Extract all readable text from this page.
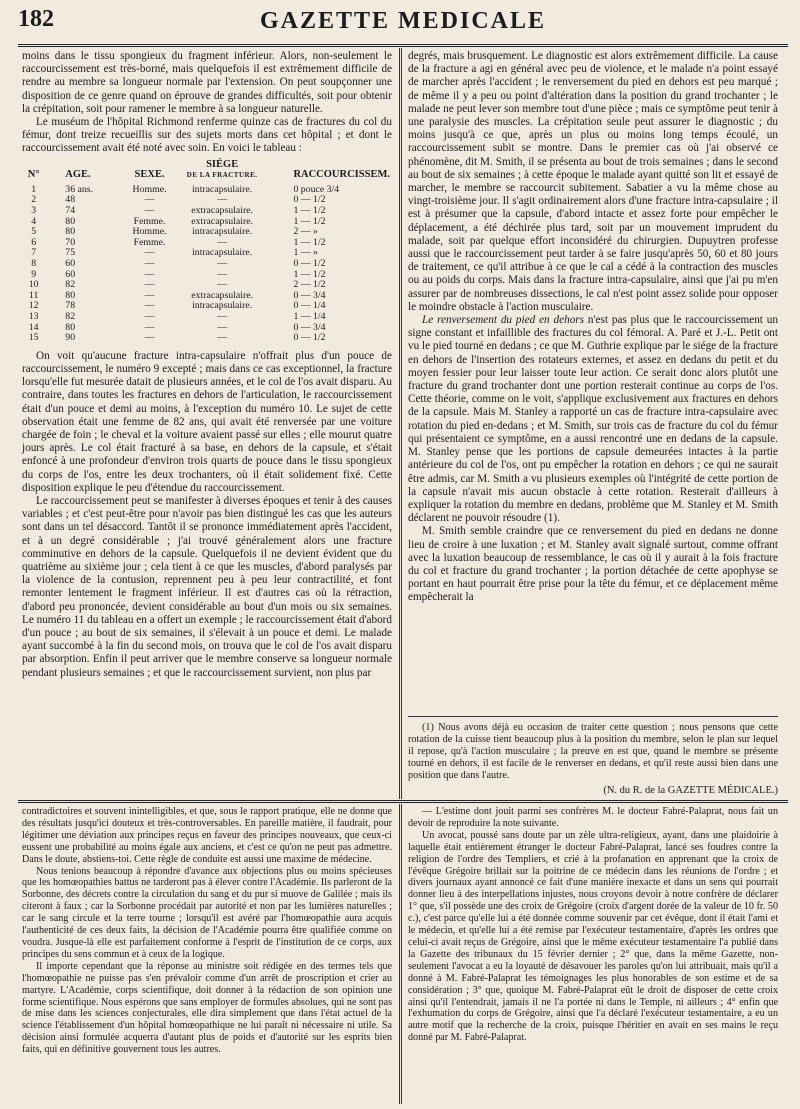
GAZETTE MEDICALE
182

moins dans le tissu spongieux du fragment inférieur. Alors, non-seulement le raccourcissement est très-borné, mais quelquefois il est extrêmement difficile de rendre au membre sa longueur normale par l'extension. On peut soupçonner une disposition de ce genre quand on éprouve de grandes difficultés, soit pour obtenir la crépitation, soit pour ramener le membre à sa longueur naturelle.

Le muséum de l'hôpital Richmond renferme quinze cas de fractures du col du fémur, dont treize recueillis sur des sujets morts dans cet hôpital ; et dont le raccourcissement avait été noté avec soin. En voici le tableau :

N°	AGE.	SEXE.	SIÉGE
DE LA FRACTURE.	RACCOURCISSEM.
1	36 ans.	Homme.	intracapsulaire.	0 pouce 3/4
2	48	—	—	0 — 1/2
3	74	—	extracapsulaire.	1 — 1/2
4	80	Femme.	extracapsulaire.	1 — 1/2
5	80	Homme.	intracapsulaire.	2 — »
6	70	Femme.	—	1 — 1/2
7	75	—	intracapsulaire.	1 — »
8	60	—	—	0 — 1/2
9	60	—	—	1 — 1/2
10	82	—	—	2 — 1/2
11	80	—	extracapsulaire.	0 — 3/4
12	78	—	intracapsulaire.	0 — 1/4
13	82	—	—	1 — 1/4
14	80	—	—	0 — 3/4
15	90	—	—	0 — 1/2

On voit qu'aucune fracture intra-capsulaire n'offrait plus d'un pouce de raccourcissement, le numéro 9 excepté ; mais dans ce cas exceptionnel, la fracture lorsqu'elle fut mesurée datait de plusieurs années, et le col de l'os avait disparu. Au contraire, dans toutes les fractures en dehors de l'articulation, le raccourcissement était d'un pouce et demi au moins, à l'exception du numéro 10. Le sujet de cette observation était une femme de 82 ans, qui avait été renversée par une voiture chargée de foin ; le cheval et la voiture avaient passé sur elles ; elle mourut quatre jours après. Le col était fracturé à sa base, en dehors de la capsule, et s'était enfoncé à une profondeur d'environ trois quarts de pouce dans le tissu spongieux du corps de l'os, entre les deux trochanters, où il était solidement fixé. Cette disposition explique le peu d'étendue du raccourcissement.

Le raccourcissement peut se manifester à diverses époques et tenir à des causes variables ; et c'est peut-être pour n'avoir pas bien distingué les cas que les auteurs sont dans un tel désaccord. Tantôt il se prononce immédiatement après l'accident, et à un degré considérable ; j'ai trouvé généralement alors une fracture comminutive en dehors de la capsule. Quelquefois il ne devient évident que du quatrième au sixième jour ; cela tient à ce que les muscles, d'abord paralysés par la violence de la contusion, reprennent peu à peu leur contractilité, et font remonter lentement le fragment inférieur. Il est d'autres cas où la rétraction, d'abord peu prononcée, devient considérable au bout d'un mois ou six semaines. Le numéro 11 du tableau en a offert un exemple ; le raccourcissement était d'abord d'un pouce ; au bout de six semaines, il s'élevait à un pouce et demi. Le malade ayant succombé à la fin du second mois, on trouva que le col de l'os avait disparu par absorption. Enfin il peut arriver que le membre conserve sa longueur normale pendant plusieurs semaines ; et que le raccourcissement survient, non plus par

degrés, mais brusquement. Le diagnostic est alors extrêmement difficile. La cause de la fracture a agi en général avec peu de violence, et le malade n'a point essayé de marcher après l'accident ; le renversement du pied en dehors est peu marqué ; de même il y a peu ou point d'altération dans la position du grand trochanter ; le malade ne peut lever son membre tout d'une pièce ; mais ce symptôme peut tenir à une paralysie des muscles. La crépitation seule peut assurer le diagnostic ; du moins jusqu'à ce que, après un plus ou moins long temps écoulé, un raccourcissement subit se montre. Dans le premier cas où j'ai observé ce phénomène, dit M. Smith, il se présenta au bout de trois semaines ; dans le second au bout de six semaines ; à cette époque le malade ayant quitté son lit et essayé de marcher, le membre se raccourcit subitement. Sabatier a vu la même chose au vingt-troisième jour. Il s'agit ordinairement alors d'une fracture intra-capsulaire ; il est à présumer que la capsule, d'abord intacte et assez forte pour empêcher le déplacement, a été déchirée plus tard, soit par un mouvement imprudent du malade, soit par quelque effort inconsidéré du chirurgien. Dupuytren professe aussi que le raccourcissement peut tarder à se faire jusqu'après 50, 60 et 80 jours de traitement, ce qu'il attribue à ce que le cal a cédé à la contraction des muscles ou au poids du corps. Mais dans la fracture intra-capsulaire, ainsi que j'ai pu m'en assurer par de nombreuses dissections, le cal n'est point assez solide pour opposer le moindre obstacle à l'action musculaire.

Le renversement du pied en dehors n'est pas plus que le raccourcissement un signe constant et infaillible des fractures du col fémoral. A. Paré et J.-L. Petit ont vu le pied tourné en dedans ; ce que M. Guthrie explique par le siége de la fracture en dehors de l'insertion des rotateurs externes, et assez en dedans du petit et du moyen fessier pour leur laisser toute leur action. Ce serait donc alors plutôt une fracture du grand trochanter dont une portion resterait continue au corps de l'os. Cette théorie, comme on le voit, s'applique exclusivement aux fractures en dehors de la capsule. Mais M. Stanley a rapporté un cas de fracture intra-capsulaire avec rotation du pied en-dedans ; et M. Smith, sur trois cas de fracture du col du fémur qui présentaient ce symptôme, en a aussi rencontré une en dedans de la capsule. M. Stanley pense que les portions de capsule demeurées intactes à la partie antérieure du col de l'os, ont pu empêcher la rotation en dehors ; ce qui ne saurait être admis, car M. Smith a vu plusieurs exemples où l'intégrité de cette portion de la capsule n'avait mis aucun obstacle à cette rotation. Resterait d'ailleurs à expliquer la rotation du membre en dedans, problème que M. Stanley et M. Smith déclarent ne pouvoir résoudre (1).

M. Smith semble craindre que ce renversement du pied en dedans ne donne lieu de croire à une luxation ; et M. Stanley avait signalé surtout, comme offrant avec la luxation beaucoup de ressemblance, le cas où il y aurait à la fois fracture du col et fracture du grand trochanter ; la portion détachée de cette apophyse se portant en haut pourrait être prise pour la tête du fémur, et ce déplacement même empêcherait la

(1) Nous avons déjà eu occasion de traiter cette question ; nous pensons que cette rotation de la cuisse tient beaucoup plus à la position du membre, selon le plan sur lequel il repose, qu'à l'action musculaire ; la preuve en est que, quand le membre se présente tourné en dehors, il est facile de le renverser en dedans, et qu'il reste aussi bien dans une position que dans l'autre.

(N. du R. de la GAZETTE MÉDICALE.)

contradictoires et souvent inintelligibles, et que, sous le rapport pratique, elle ne donne que des résultats jusqu'ici douteux et très-controversables. En pareille matière, il faudrait, pour légitimer une déviation aux principes reçus en faveur des principes nouveaux, que ceux-ci eussent une probabilité au moins égale aux anciens, et c'est ce qu'on ne peut pas admettre. Dans le doute, abstiens-toi. Cette règle de conduite est aussi une maxime de médecine.

Nous tenions beaucoup à répondre d'avance aux objections plus ou moins spécieuses que les homœopathies battus ne tarderont pas à élever contre l'Académie. Ils parleront de la Sorbonne, des décrets contre la circulation du sang et du pur si muove de Galilée ; mais ils citeront à faux ; car la Sorbonne procédait par autorité et non par les lumières naturelles ; car le sang circule et la terre tourne ; lorsqu'il est avéré par l'homœopathie aura acquis l'authenticité de ces deux faits, la décision de l'Académie pourra être qualifiée comme on voudra. Jusque-là elle est parfaitement conforme à l'esprit de l'institution de ce corps, aux principes du sens commun et à ceux de la logique.

Il importe cependant que la réponse au ministre soit rédigée en des termes tels que l'homœopathie ne puisse pas s'en prévaloir comme d'un arrêt de proscription et crier au martyre. L'Académie, corps scientifique, doit donner à la rédaction de son opinion une forme scientifique. Nous espérons que sans employer de formules absolues, qui ne sont pas de mise dans les sciences conjecturales, elle dira simplement que dans l'état actuel de la science l'établissement d'un hôpital homœopathique ne lui paraît ni nécessaire ni utile. Sa décision ainsi formulée acquerra d'autant plus de poids et d'autorité sur les esprits bien faits, qui en définitive gouvernent tous les autres.

— L'estime dont jouit parmi ses confrères M. le docteur Fabré-Palaprat, nous fait un devoir de reproduire la note suivante.

Un avocat, poussé sans doute par un zèle ultra-religieux, ayant, dans une plaidoirie à laquelle était entièrement étranger le docteur Fabré-Palaprat, lancé ses foudres contre la religion de l'ordre des Templiers, et crié à la profanation en apprenant que la croix de l'évêque Grégoire brillait sur la poitrine de ce médecin dans les réunions de l'ordre ; et divers journaux ayant annoncé ce fait d'une manière inexacte et dans un sens qui pourrait donner lieu à des interpellations injustes, nous croyons devoir à notre confrère de déclarer 1° que, s'il possède une des croix de Grégoire (croix d'argent dorée de la valeur de 10 fr. 50 c.), c'est parce qu'elle lui a été donnée comme souvenir par cet évêque, dont il était l'ami et le médecin, et qu'elle lui a été remise par l'exécuteur testamentaire, d'après les ordres que celui-ci avait reçus de Grégoire, ainsi que le même exécuteur testamentaire l'a publié dans la Gazette des tribunaux du 15 février dernier ; 2° que, dans la même Gazette, non-seulement l'avocat a eu la loyauté de désavouer les paroles qu'on lui attribuait, mais qu'il a donné à M. Fabré-Palaprat les témoignages les plus honorables de son estime et de sa considération ; 3° que, quoique M. Fabré-Palaprat eût le droit de disposer de cette croix ainsi qu'il l'entendrait, jamais il ne l'a portée ni dans le Temple, ni ailleurs ; 4° enfin que l'exhumation du corps de Grégoire, ainsi que l'a déclaré l'exécuteur testamentaire, a eu un autre motif que la recherche de la croix, puisque l'héritier en avait en ses mains le reçu donné par M. Fabré-Palaprat.
